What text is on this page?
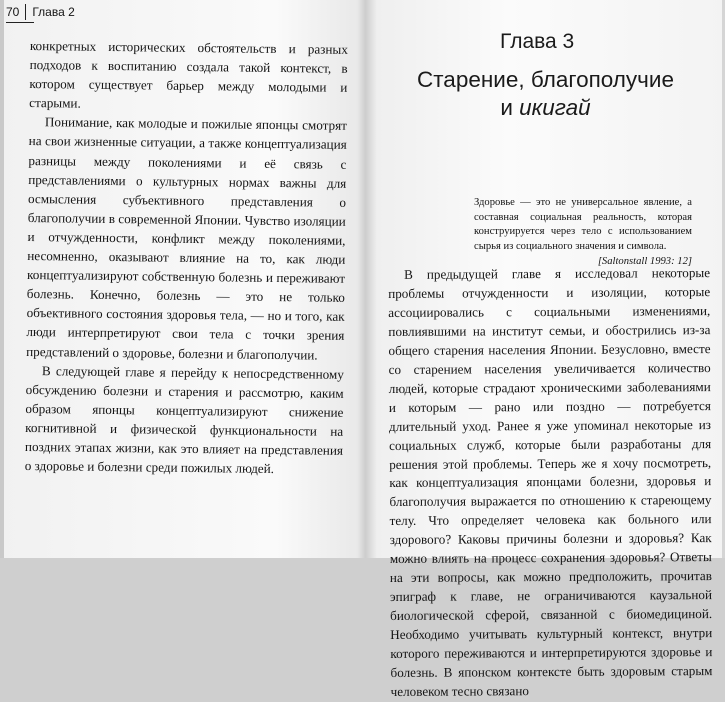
70 Глава 2

конкретных исторических обстоятельств и разных подходов к воспитанию создала такой контекст, в котором существует барьер между молодыми и старыми.

Понимание, как молодые и пожилые японцы смотрят на свои жизненные ситуации, а также концептуализация разницы между поколениями и её связь с представлениями о культурных нормах важны для осмысления субъективного представления о благополучии в современной Японии. Чувство изоляции и отчужденности, конфликт между поколениями, несомненно, оказывают влияние на то, как люди концептуализируют собственную болезнь и переживают болезнь. Конечно, болезнь — это не только объективного состояния здоровья тела, — но и того, как люди интерпретируют свои тела с точки зрения представлений о здоровье, болезни и благополучии.

В следующей главе я перейду к непосредственному обсуждению болезни и старения и рассмотрю, каким образом японцы концептуализируют снижение когнитивной и физической функциональности на поздних этапах жизни, как это влияет на представления о здоровье и болезни среди пожилых людей.

Глава 3
Старение, благополучие
и икигай
Здоровье — это не универсальное явление, а составная социальная реальность, которая конструируется через тело с использованием сырья из социального значения и символа.
[Saltonstall 1993: 12]

В предыдущей главе я исследовал некоторые проблемы отчужденности и изоляции, которые ассоциировались с социальными изменениями, повлиявшими на институт семьи, и обострились из-за общего старения населения Японии. Безусловно, вместе со старением населения увеличивается количество людей, которые страдают хроническими заболеваниями и которым — рано или поздно — потребуется длительный уход. Ранее я уже упоминал некоторые из социальных служб, которые были разработаны для решения этой проблемы. Теперь же я хочу посмотреть, как концептуализация японцами болезни, здоровья и благополучия выражается по отношению к стареющему телу. Что определяет человека как больного или здорового? Каковы причины болезни и здоровья? Как можно влиять на процесс сохранения здоровья? Ответы на эти вопросы, как можно предположить, прочитав эпиграф к главе, не ограничиваются каузальной биологической сферой, связанной с биомедициной. Необходимо учитывать культурный контекст, внутри которого переживаются и интерпретируются здоровье и болезнь. В японском контексте быть здоровым старым человеком тесно связано
